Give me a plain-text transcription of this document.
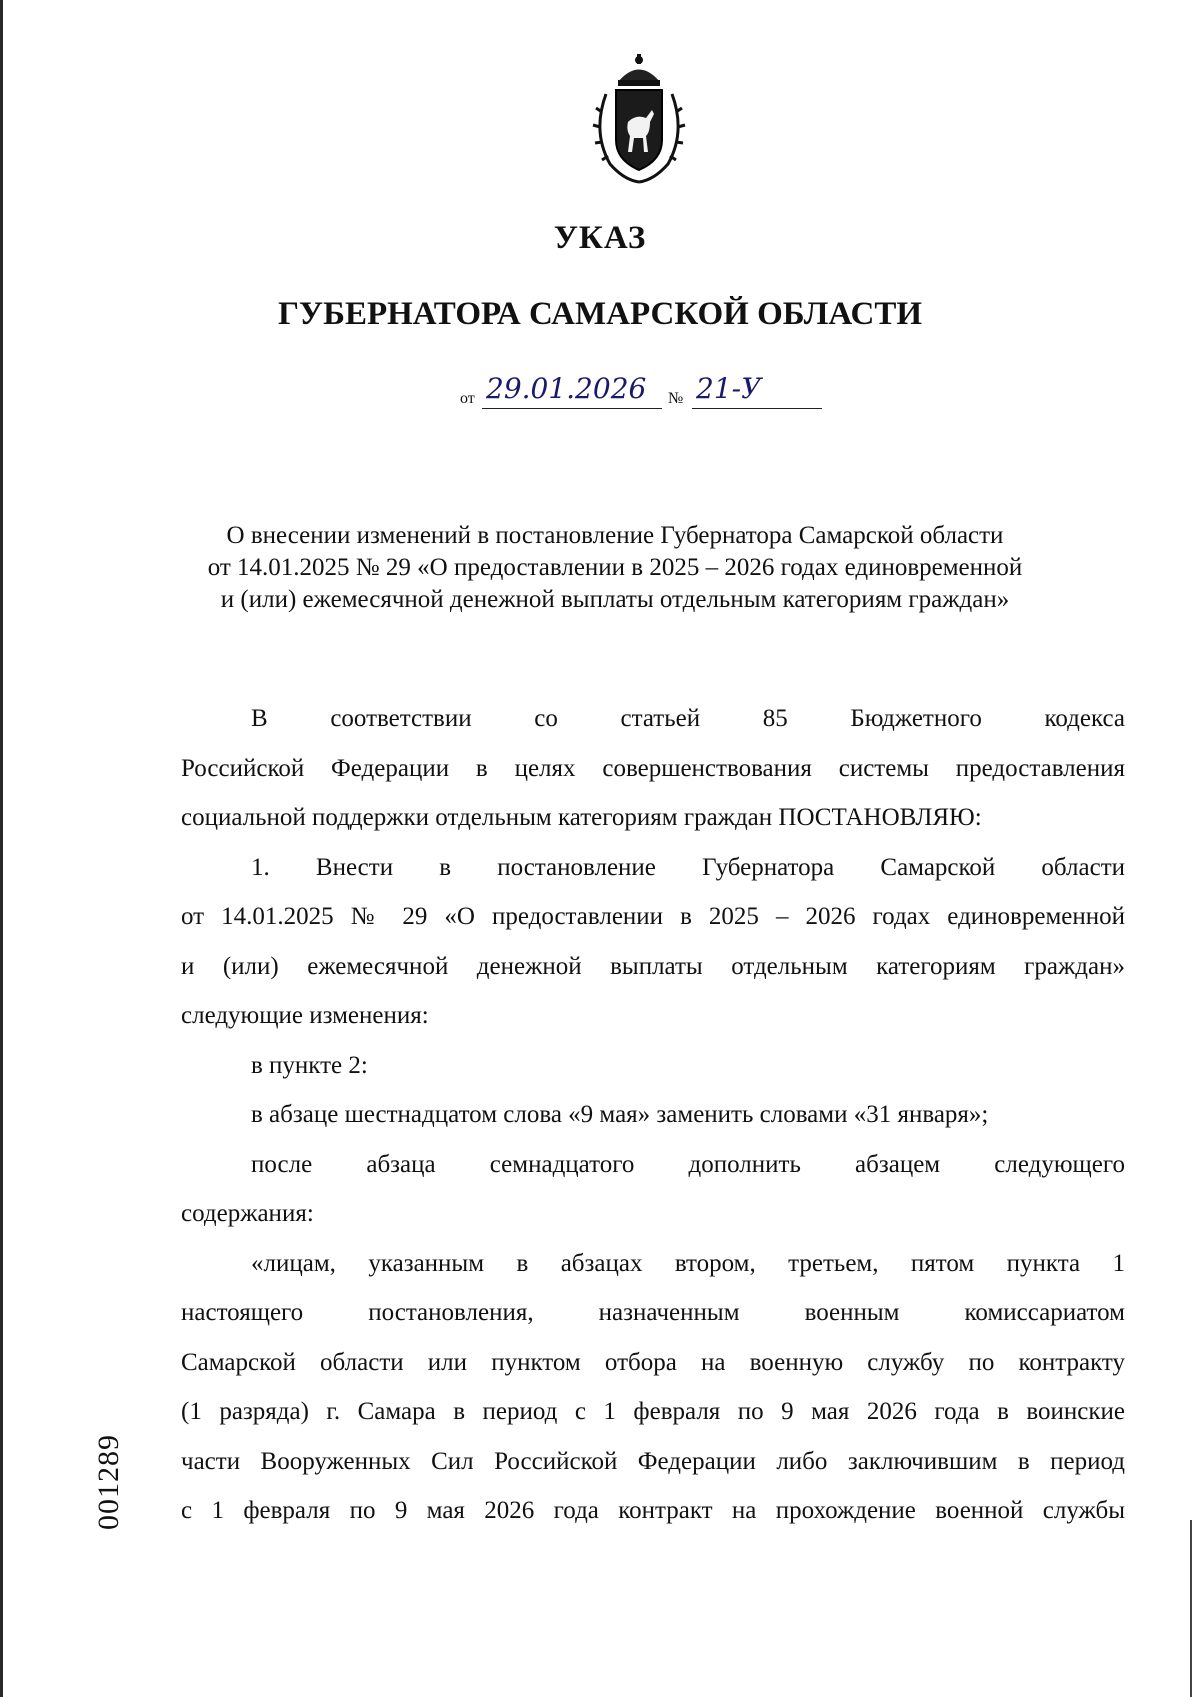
УКАЗ
ГУБЕРНАТОРА САМАРСКОЙ ОБЛАСТИ
от 29.01.2026 № 21-У
О внесении изменений в постановление Губернатора Самарской области
от 14.01.2025 № 29 «О предоставлении в 2025 – 2026 годах единовременной
и (или) ежемесячной денежной выплаты отдельным категориям граждан»
В соответствии со статьей 85 Бюджетного кодекса
Российской Федерации в целях совершенствования системы предоставления
социальной поддержки отдельным категориям граждан ПОСТАНОВЛЯЮ:
1. Внести в постановление Губернатора Самарской области
от 14.01.2025 № 29 «О предоставлении в 2025 – 2026 годах единовременной
и (или) ежемесячной денежной выплаты отдельным категориям граждан»
следующие изменения:
в пункте 2:
в абзаце шестнадцатом слова «9 мая» заменить словами «31 января»;
после абзаца семнадцатого дополнить абзацем следующего
содержания:
«лицам, указанным в абзацах втором, третьем, пятом пункта 1
настоящего постановления, назначенным военным комиссариатом
Самарской области или пунктом отбора на военную службу по контракту
(1 разряда) г. Самара в период с 1 февраля по 9 мая 2026 года в воинские
части Вооруженных Сил Российской Федерации либо заключившим в период
с 1 февраля по 9 мая 2026 года контракт на прохождение военной службы
001289
